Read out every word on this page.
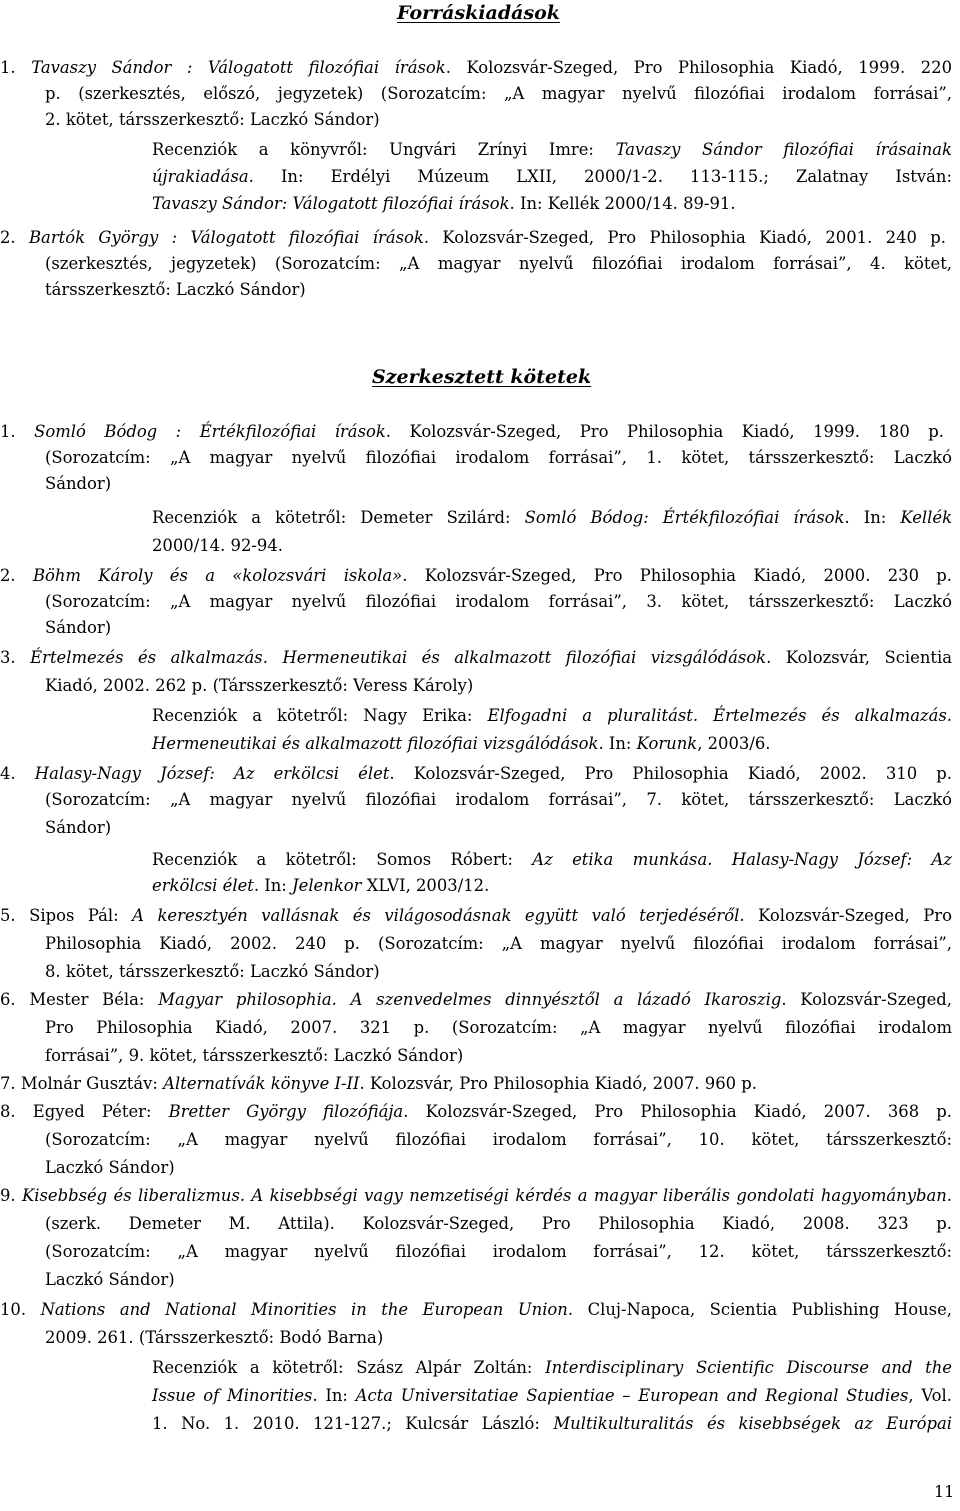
Forráskiadások
1. Tavaszy Sándor : Válogatott filozófiai írások. Kolozsvár-Szeged, Pro Philosophia Kiadó, 1999. 220
p. (szerkesztés, előszó, jegyzetek) (Sorozatcím: „A magyar nyelvű filozófiai irodalom forrásai”,
2. kötet, társszerkesztő: Laczkó Sándor)
Recenziók a könyvről: Ungvári Zrínyi Imre: Tavaszy Sándor filozófiai írásainak
újrakiadása. In: Erdélyi Múzeum LXII, 2000/1-2. 113-115.; Zalatnay István:
Tavaszy Sándor: Válogatott filozófiai írások. In: Kellék 2000/14. 89-91.
2. Bartók György : Válogatott filozófiai írások. Kolozsvár-Szeged, Pro Philosophia Kiadó, 2001. 240 p.
(szerkesztés, jegyzetek) (Sorozatcím: „A magyar nyelvű filozófiai irodalom forrásai”, 4. kötet,
társszerkesztő: Laczkó Sándor)
Szerkesztett kötetek
1. Somló Bódog : Értékfilozófiai írások. Kolozsvár-Szeged, Pro Philosophia Kiadó, 1999. 180 p.
(Sorozatcím: „A magyar nyelvű filozófiai irodalom forrásai”, 1. kötet, társszerkesztő: Laczkó
Sándor)
Recenziók a kötetről: Demeter Szilárd: Somló Bódog: Értékfilozófiai írások. In: Kellék
2000/14. 92-94.
2. Böhm Károly és a «kolozsvári iskola». Kolozsvár-Szeged, Pro Philosophia Kiadó, 2000. 230 p.
(Sorozatcím: „A magyar nyelvű filozófiai irodalom forrásai”, 3. kötet, társszerkesztő: Laczkó
Sándor)
3. Értelmezés és alkalmazás. Hermeneutikai és alkalmazott filozófiai vizsgálódások. Kolozsvár, Scientia
Kiadó, 2002. 262 p. (Társszerkesztő: Veress Károly)
Recenziók a kötetről: Nagy Erika: Elfogadni a pluralitást. Értelmezés és alkalmazás.
Hermeneutikai és alkalmazott filozófiai vizsgálódások. In: Korunk, 2003/6.
4. Halasy-Nagy József: Az erkölcsi élet. Kolozsvár-Szeged, Pro Philosophia Kiadó, 2002. 310 p.
(Sorozatcím: „A magyar nyelvű filozófiai irodalom forrásai”, 7. kötet, társszerkesztő: Laczkó
Sándor)
Recenziók a kötetről: Somos Róbert: Az etika munkása. Halasy-Nagy József: Az
erkölcsi élet. In: Jelenkor XLVI, 2003/12.
5. Sipos Pál: A keresztyén vallásnak és világosodásnak együtt való terjedéséről. Kolozsvár-Szeged, Pro
Philosophia Kiadó, 2002. 240 p. (Sorozatcím: „A magyar nyelvű filozófiai irodalom forrásai”,
8. kötet, társszerkesztő: Laczkó Sándor)
6. Mester Béla: Magyar philosophia. A szenvedelmes dinnyésztől a lázadó Ikaroszig. Kolozsvár-Szeged,
Pro Philosophia Kiadó, 2007. 321 p. (Sorozatcím: „A magyar nyelvű filozófiai irodalom
forrásai”, 9. kötet, társszerkesztő: Laczkó Sándor)
7. Molnár Gusztáv: Alternatívák könyve I-II. Kolozsvár, Pro Philosophia Kiadó, 2007. 960 p.
8. Egyed Péter: Bretter György filozófiája. Kolozsvár-Szeged, Pro Philosophia Kiadó, 2007. 368 p.
(Sorozatcím: „A magyar nyelvű filozófiai irodalom forrásai”, 10. kötet, társszerkesztő:
Laczkó Sándor)
9. Kisebbség és liberalizmus. A kisebbségi vagy nemzetiségi kérdés a magyar liberális gondolati hagyományban.
(szerk. Demeter M. Attila). Kolozsvár-Szeged, Pro Philosophia Kiadó, 2008. 323 p.
(Sorozatcím: „A magyar nyelvű filozófiai irodalom forrásai”, 12. kötet, társszerkesztő:
Laczkó Sándor)
10. Nations and National Minorities in the European Union. Cluj-Napoca, Scientia Publishing House,
2009. 261. (Társszerkesztő: Bodó Barna)
Recenziók a kötetről: Szász Alpár Zoltán: Interdisciplinary Scientific Discourse and the
Issue of Minorities. In: Acta Universitatiae Sapientiae – European and Regional Studies, Vol.
1. No. 1. 2010. 121-127.; Kulcsár László: Multikulturalitás és kisebbségek az Európai
11
